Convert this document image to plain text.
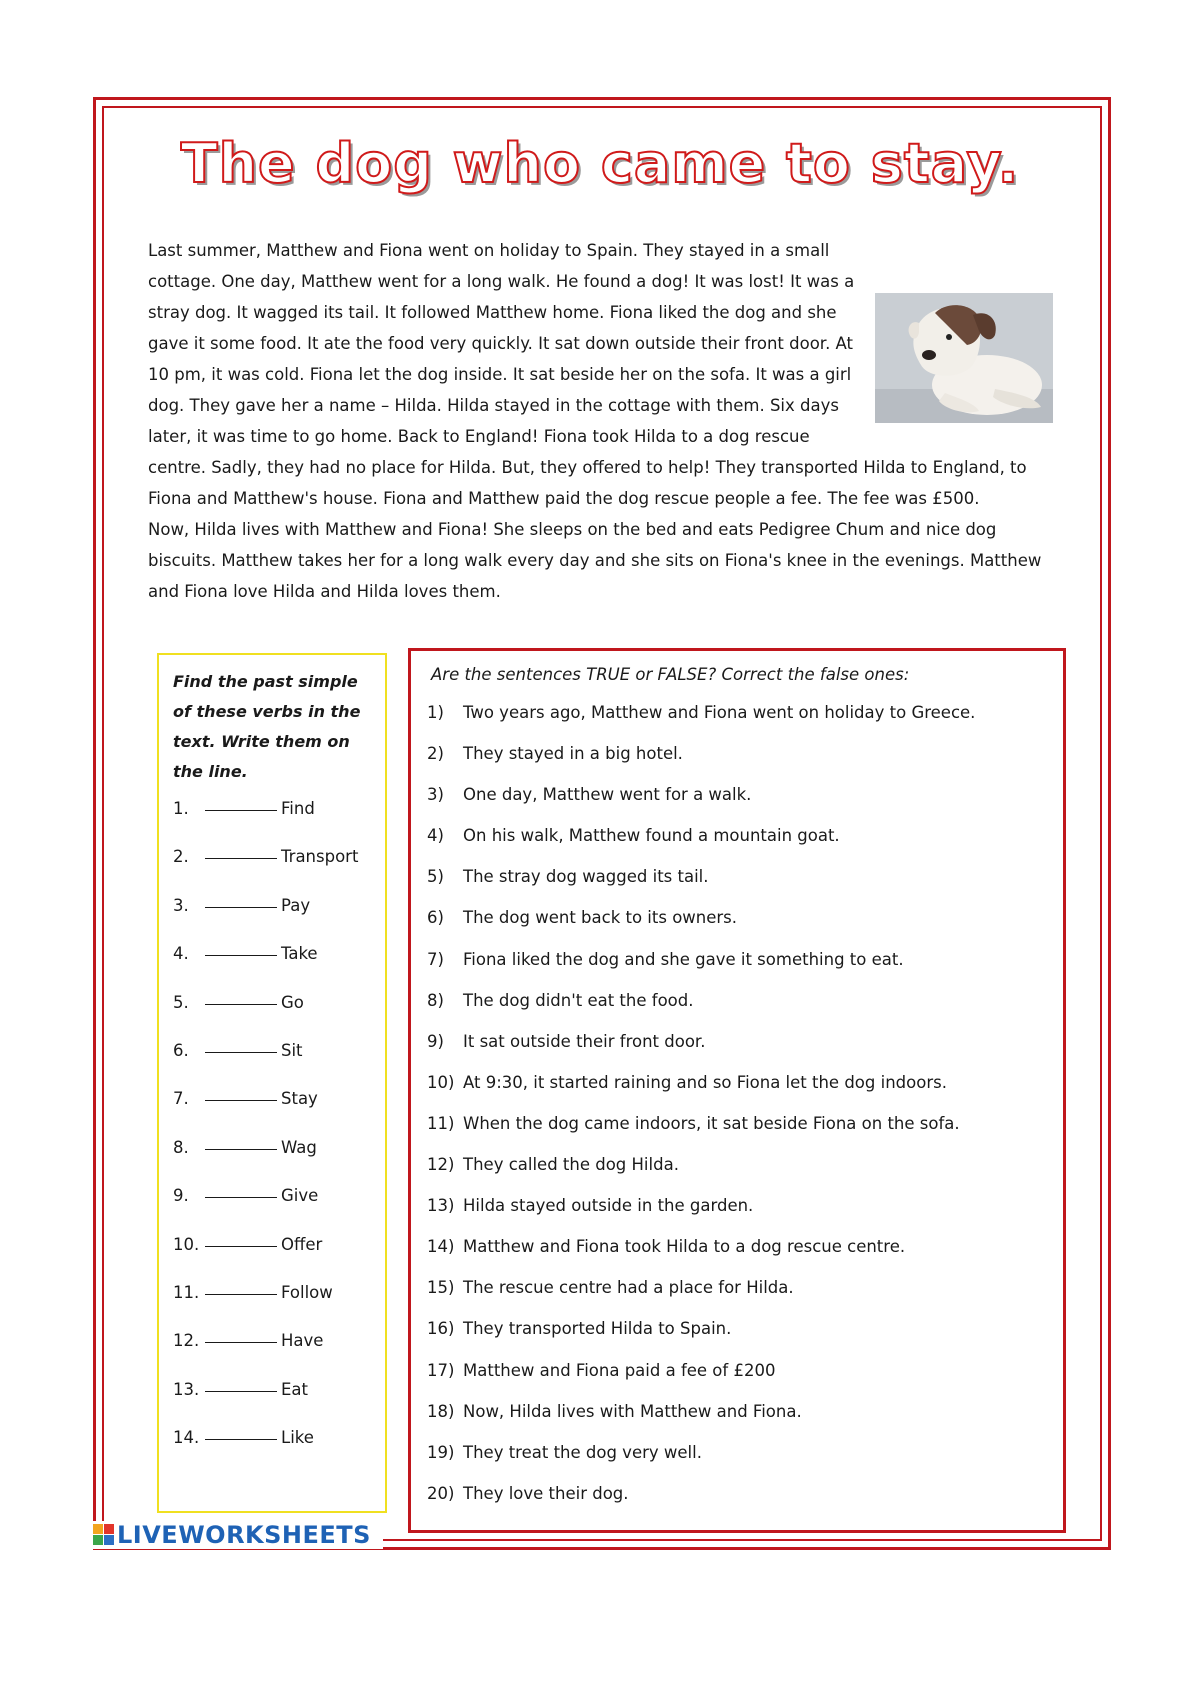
The dog who came to stay.

Last summer, Matthew and Fiona went on holiday to Spain. They stayed in a small cottage. One day, Matthew went for a long walk. He found a dog! It was lost! It was a stray dog. It wagged its tail. It followed Matthew home. Fiona liked the dog and she gave it some food. It ate the food very quickly. It sat down outside their front door. At 10 pm, it was cold. Fiona let the dog inside. It sat beside her on the sofa. It was a girl dog. They gave her a name – Hilda. Hilda stayed in the cottage with them. Six days later, it was time to go home. Back to England! Fiona took Hilda to a dog rescue centre. Sadly, they had no place for Hilda. But, they offered to help! They transported Hilda to England, to Fiona and Matthew's house. Fiona and Matthew paid the dog rescue people a fee. The fee was £500.

Now, Hilda lives with Matthew and Fiona! She sleeps on the bed and eats Pedigree Chum and nice dog biscuits. Matthew takes her for a long walk every day and she sits on Fiona's knee in the evenings. Matthew and Fiona love Hilda and Hilda loves them.

Find the past simple of these verbs in the text. Write them on the line.

1.	Find
2.	Transport
3.	Pay
4.	Take
5.	Go
6.	Sit
7.	Stay
8.	Wag
9.	Give
10.	Offer
11.	Follow
12.	Have
13.	Eat
14.	Like

Are the sentences TRUE or FALSE? Correct the false ones:

1)	Two years ago, Matthew and Fiona went on holiday to Greece.
2)	They stayed in a big hotel.
3)	One day, Matthew went for a walk.
4)	On his walk, Matthew found a mountain goat.
5)	The stray dog wagged its tail.
6)	The dog went back to its owners.
7)	Fiona liked the dog and she gave it something to eat.
8)	The dog didn't eat the food.
9)	It sat outside their front door.
10) At 9:30, it started raining and so Fiona let the dog indoors.
11) When the dog came indoors, it sat beside Fiona on the sofa.
12) They called the dog Hilda.
13) Hilda stayed outside in the garden.
14) Matthew and Fiona took Hilda to a dog rescue centre.
15) The rescue centre had a place for Hilda.
16) They transported Hilda to Spain.
17) Matthew and Fiona paid a fee of £200
18) Now, Hilda lives with Matthew and Fiona.
19) They treat the dog very well.
20) They love their dog.
LIVEWORKSHEETS
